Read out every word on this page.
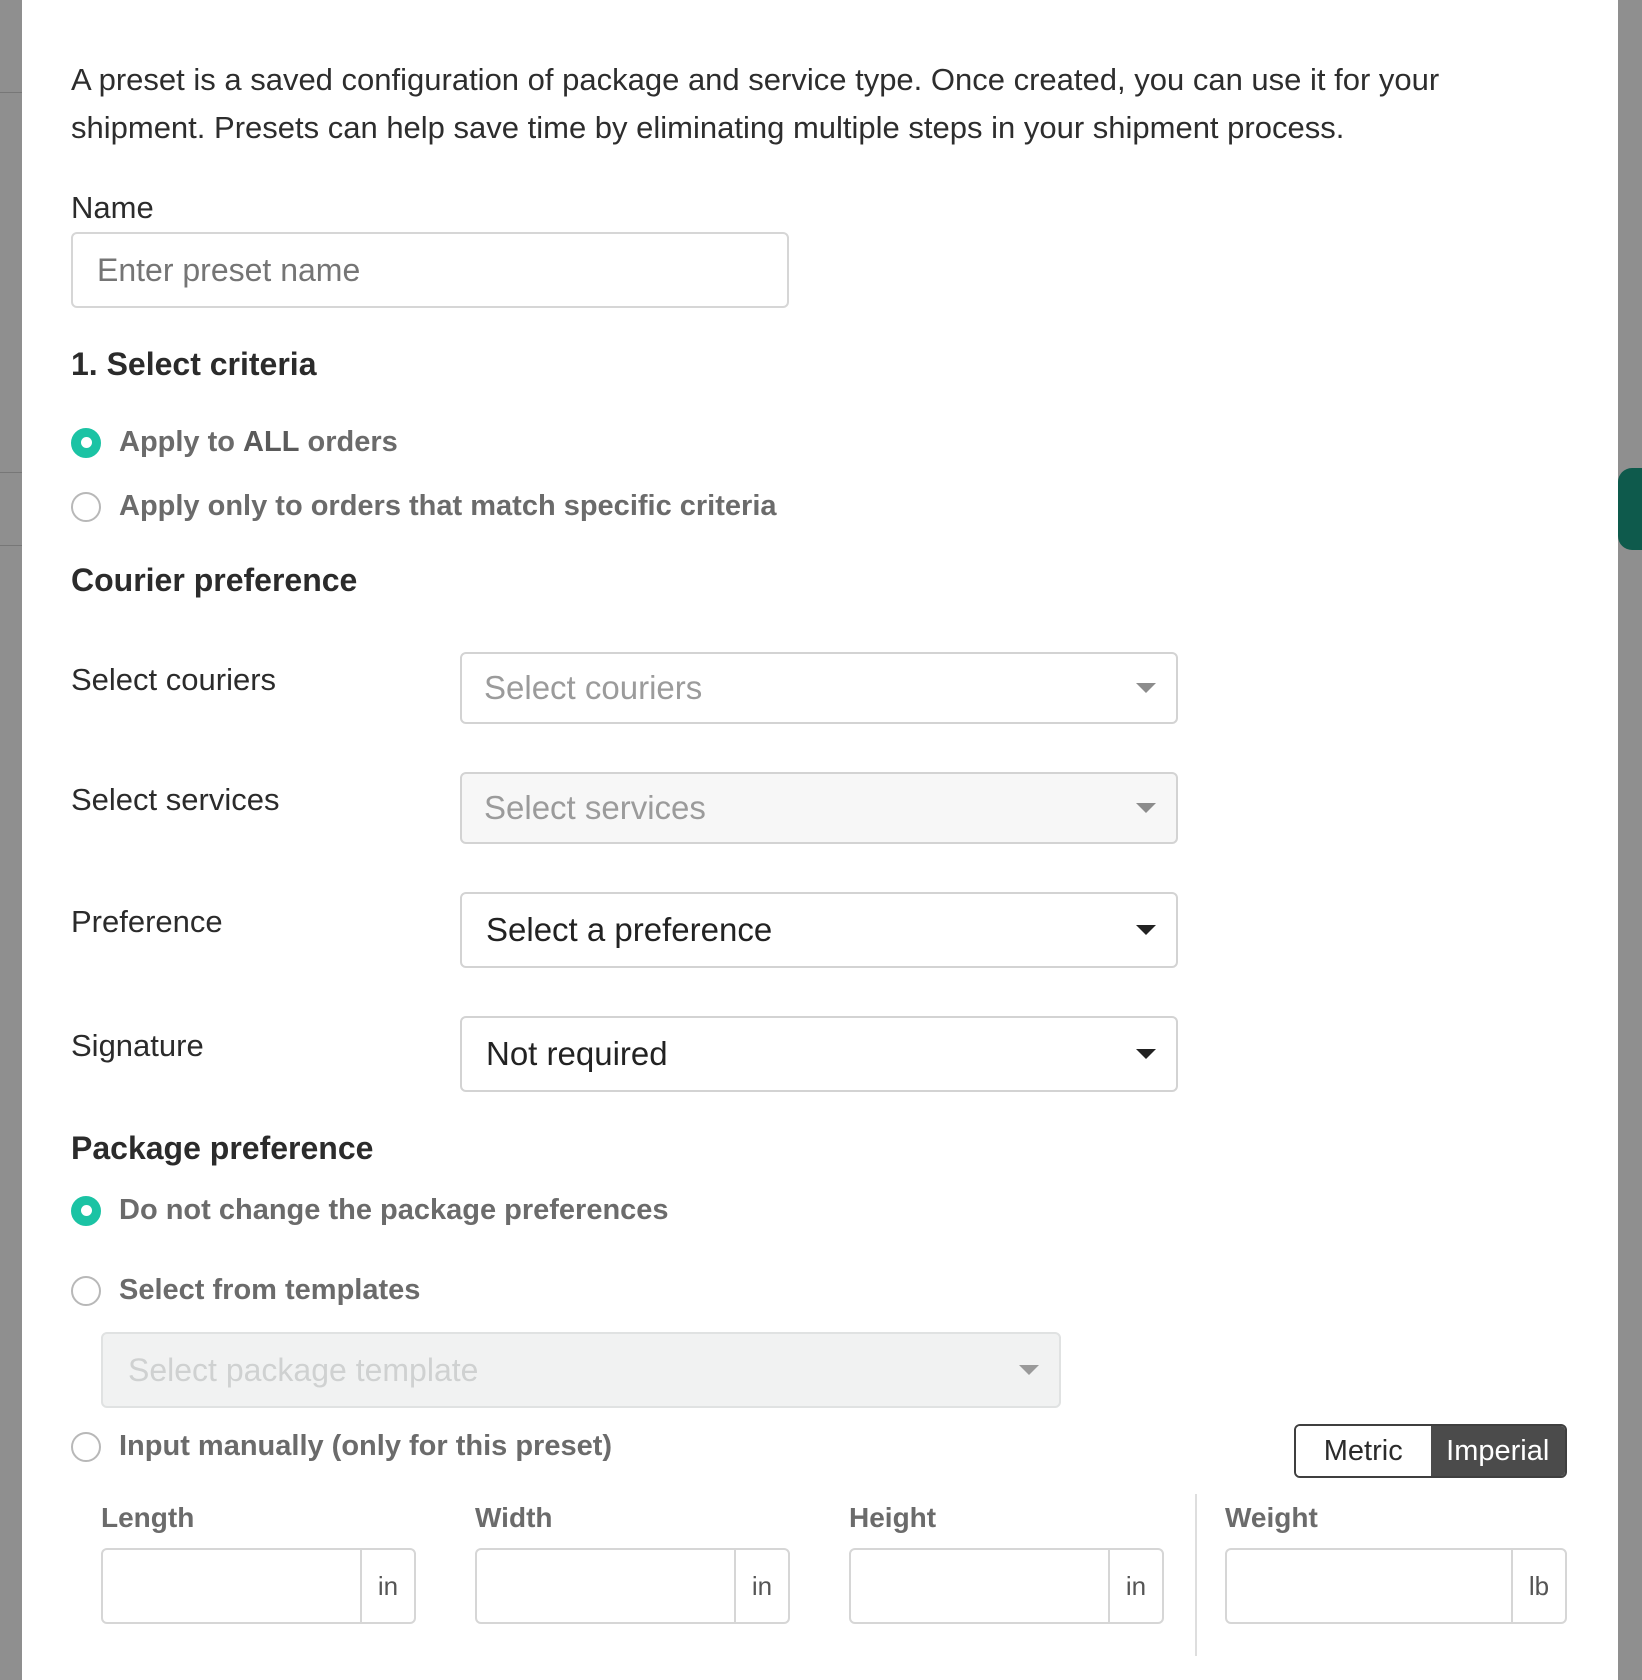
A preset is a saved configuration of package and service type. Once created, you can use it for your shipment. Presets can help save time by eliminating multiple steps in your shipment process.

Name
Enter preset name
1. Select criteria
Apply to ALL orders
Apply only to orders that match specific criteria
Courier preference
Select couriers	Select couriers
Select services	Select services
Preference	Select a preference
Signature	Not required
Package preference
Do not change the package preferences
Select from templates
Select package template
Input manually (only for this preset)	Metric	Imperial
Length
in
Width
in
Height
in
Weight
lb
